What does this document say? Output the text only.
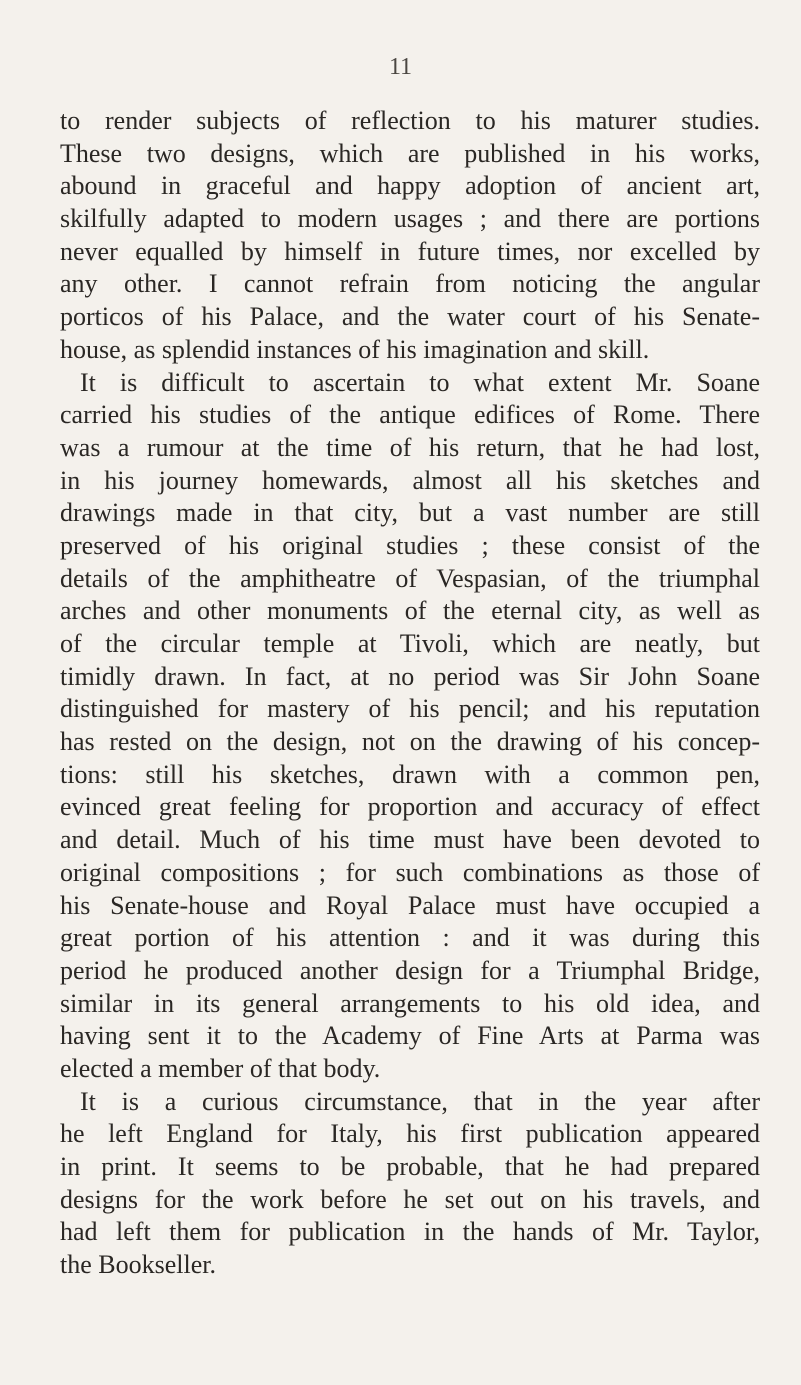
11
to render subjects of reflection to his maturer studies.
These two designs, which are published in his works,
abound in graceful and happy adoption of ancient art,
skilfully adapted to modern usages ; and there are portions
never equalled by himself in future times, nor excelled by
any other. I cannot refrain from noticing the angular
porticos of his Palace, and the water court of his Senate-
house, as splendid instances of his imagination and skill.
It is difficult to ascertain to what extent Mr. Soane
carried his studies of the antique edifices of Rome. There
was a rumour at the time of his return, that he had lost,
in his journey homewards, almost all his sketches and
drawings made in that city, but a vast number are still
preserved of his original studies ; these consist of the
details of the amphitheatre of Vespasian, of the triumphal
arches and other monuments of the eternal city, as well as
of the circular temple at Tivoli, which are neatly, but
timidly drawn. In fact, at no period was Sir John Soane
distinguished for mastery of his pencil; and his reputation
has rested on the design, not on the drawing of his concep-
tions: still his sketches, drawn with a common pen,
evinced great feeling for proportion and accuracy of effect
and detail. Much of his time must have been devoted to
original compositions ; for such combinations as those of
his Senate-house and Royal Palace must have occupied a
great portion of his attention : and it was during this
period he produced another design for a Triumphal Bridge,
similar in its general arrangements to his old idea, and
having sent it to the Academy of Fine Arts at Parma was
elected a member of that body.
It is a curious circumstance, that in the year after
he left England for Italy, his first publication appeared
in print. It seems to be probable, that he had prepared
designs for the work before he set out on his travels, and
had left them for publication in the hands of Mr. Taylor,
the Bookseller.
